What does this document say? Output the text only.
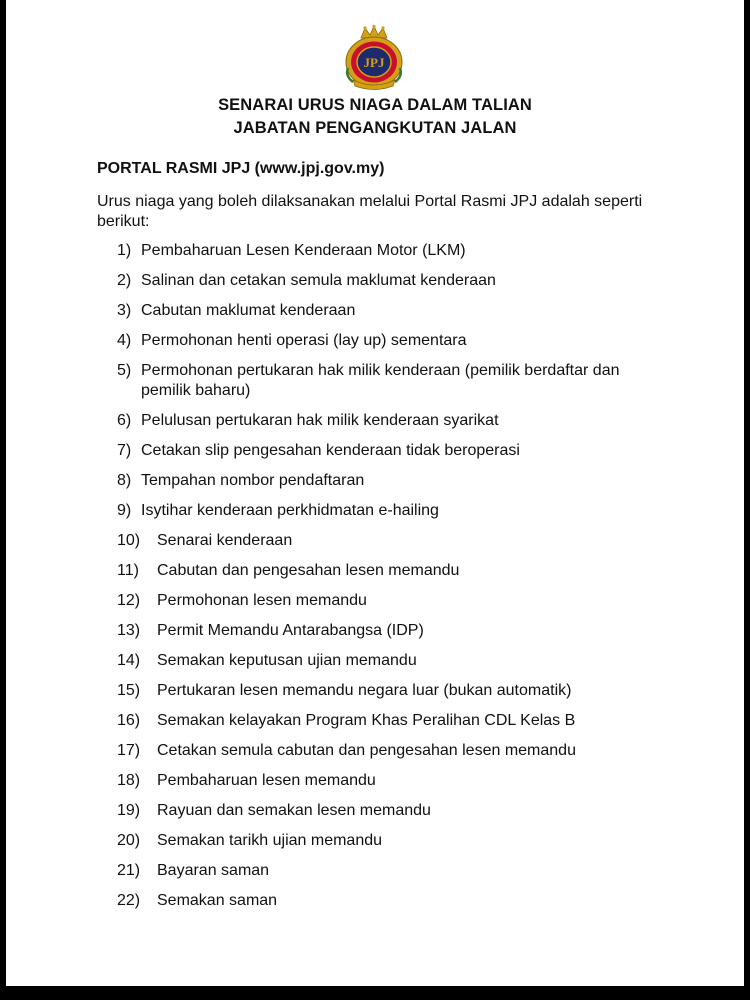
JPJ
SENARAI URUS NIAGA DALAM TALIAN
JABATAN PENGANGKUTAN JALAN
PORTAL RASMI JPJ (www.jpj.gov.my)
Urus niaga yang boleh dilaksanakan melalui Portal Rasmi JPJ adalah seperti berikut:
1) Pembaharuan Lesen Kenderaan Motor (LKM)
2) Salinan dan cetakan semula maklumat kenderaan
3) Cabutan maklumat kenderaan
4) Permohonan henti operasi (lay up) sementara
5) Permohonan pertukaran hak milik kenderaan (pemilik berdaftar dan pemilik baharu)
6) Pelulusan pertukaran hak milik kenderaan syarikat
7) Cetakan slip pengesahan kenderaan tidak beroperasi
8) Tempahan nombor pendaftaran
9) Isytihar kenderaan perkhidmatan e-hailing
10) Senarai kenderaan
11) Cabutan dan pengesahan lesen memandu
12) Permohonan lesen memandu
13) Permit Memandu Antarabangsa (IDP)
14) Semakan keputusan ujian memandu
15) Pertukaran lesen memandu negara luar (bukan automatik)
16) Semakan kelayakan Program Khas Peralihan CDL Kelas B
17) Cetakan semula cabutan dan pengesahan lesen memandu
18) Pembaharuan lesen memandu
19) Rayuan dan semakan lesen memandu
20) Semakan tarikh ujian memandu
21) Bayaran saman
22) Semakan saman
